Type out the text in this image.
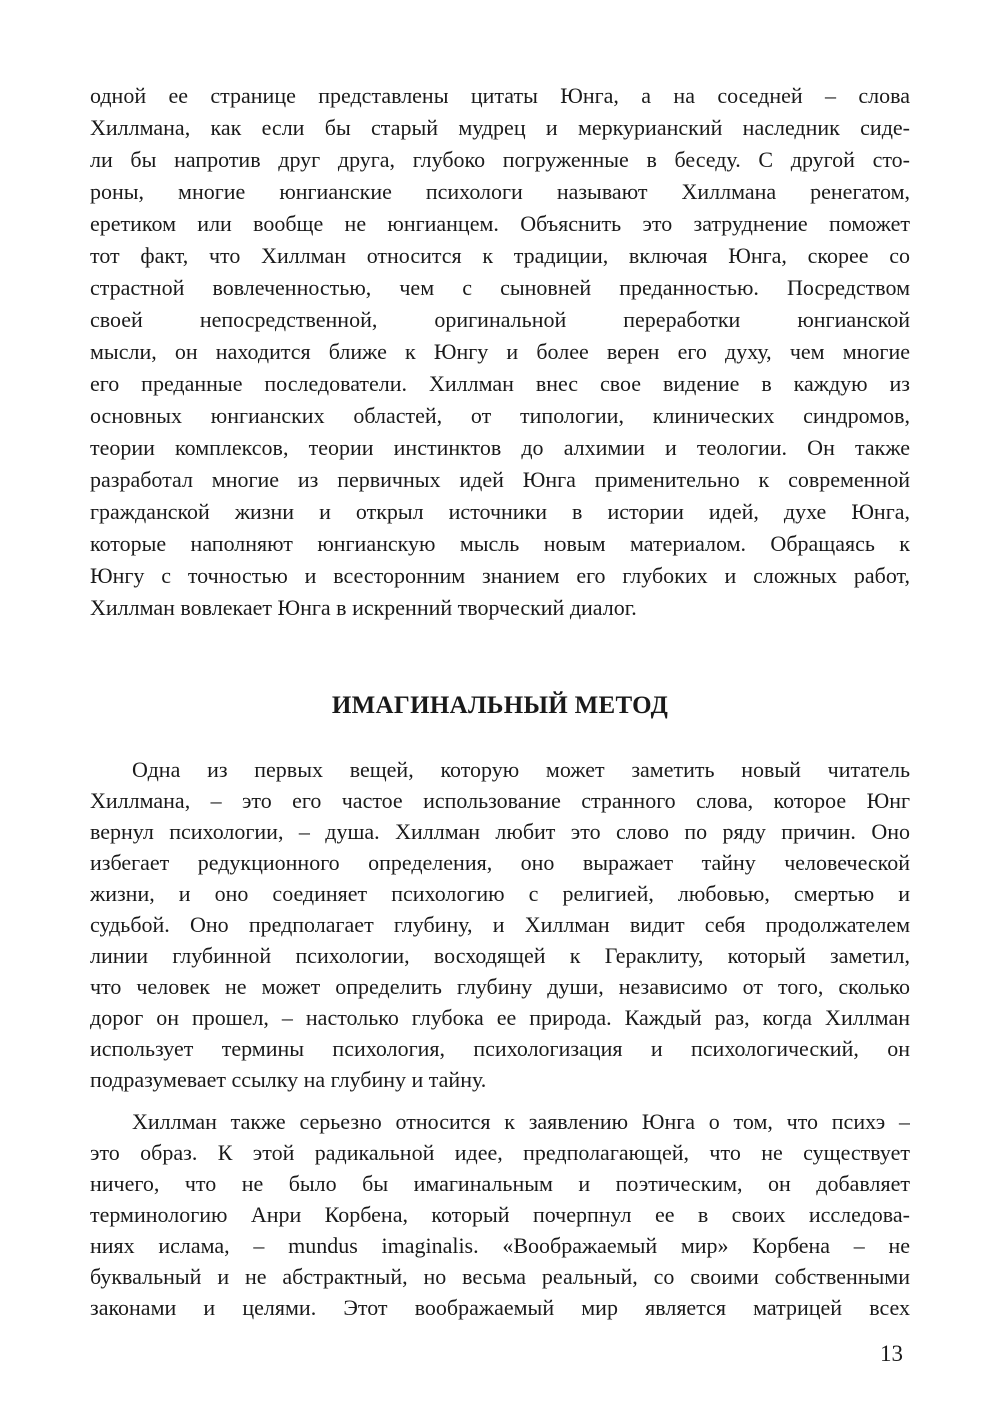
одной ее странице представлены цитаты Юнга, а на соседней – слова
Хиллмана, как если бы старый мудрец и меркурианский наследник сиде-
ли бы напротив друг друга, глубоко погруженные в беседу. С другой сто-
роны, многие юнгианские психологи называют Хиллмана ренегатом,
еретиком или вообще не юнгианцем. Объяснить это затруднение поможет
тот факт, что Хиллман относится к традиции, включая Юнга, скорее со
страстной вовлеченностью, чем с сыновней преданностью. Посредством
своей непосредственной, оригинальной переработки юнгианской
мысли, он находится ближе к Юнгу и более верен его духу, чем многие
его преданные последователи. Хиллман внес свое видение в каждую из
основных юнгианских областей, от типологии, клинических синдромов,
теории комплексов, теории инстинктов до алхимии и теологии. Он также
разработал многие из первичных идей Юнга применительно к современной
гражданской жизни и открыл источники в истории идей, духе Юнга,
которые наполняют юнгианскую мысль новым материалом. Обращаясь к
Юнгу с точностью и всесторонним знанием его глубоких и сложных работ,
Хиллман вовлекает Юнга в искренний творческий диалог.
ИМАГИНАЛЬНЫЙ МЕТОД
Одна из первых вещей, которую может заметить новый читатель
Хиллмана, – это его частое использование странного слова, которое Юнг
вернул психологии, – душа. Хиллман любит это слово по ряду причин. Оно
избегает редукционного определения, оно выражает тайну человеческой
жизни, и оно соединяет психологию с религией, любовью, смертью и
судьбой. Оно предполагает глубину, и Хиллман видит себя продолжателем
линии глубинной психологии, восходящей к Гераклиту, который заметил,
что человек не может определить глубину души, независимо от того, сколько
дорог он прошел, – настолько глубока ее природа. Каждый раз, когда Хиллман
использует термины психология, психологизация и психологический, он
подразумевает ссылку на глубину и тайну.
Хиллман также серьезно относится к заявлению Юнга о том, что психэ –
это образ. К этой радикальной идее, предполагающей, что не существует
ничего, что не было бы имагинальным и поэтическим, он добавляет
терминологию Анри Корбена, который почерпнул ее в своих исследова-
ниях ислама, – mundus imaginalis. «Воображаемый мир» Корбена – не
буквальный и не абстрактный, но весьма реальный, со своими собственными
законами и целями. Этот воображаемый мир является матрицей всех
13
